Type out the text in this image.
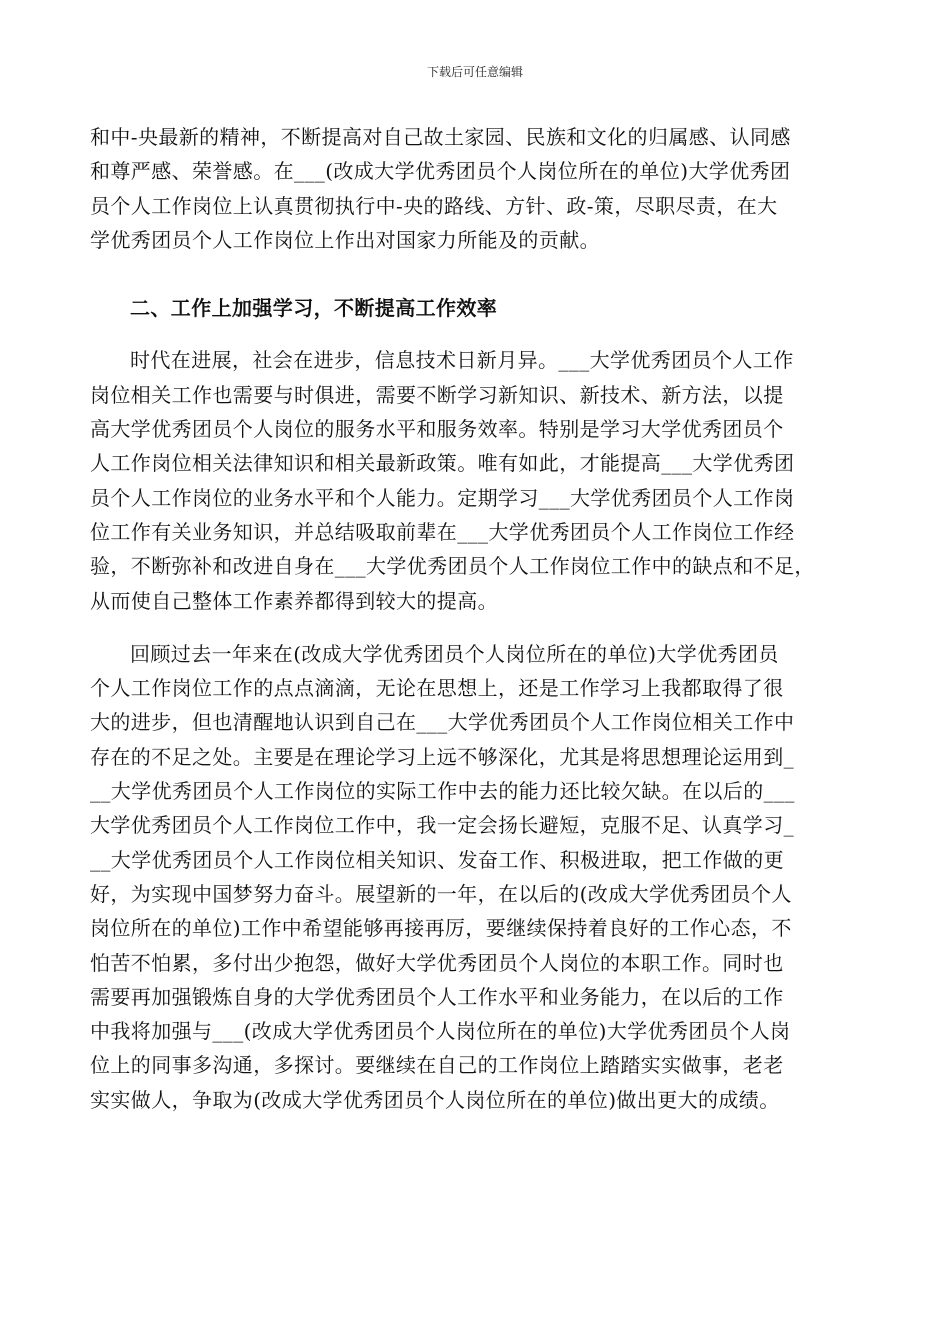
下载后可任意编辑
和中-央最新的精神，不断提高对自己故土家园、民族和文化的归属感、认同感
和尊严感、荣誉感。在___(改成大学优秀团员个人岗位所在的单位)大学优秀团
员个人工作岗位上认真贯彻执行中-央的路线、方针、政-策，尽职尽责，在大
学优秀团员个人工作岗位上作出对国家力所能及的贡献。
二、工作上加强学习，不断提高工作效率
时代在进展，社会在进步，信息技术日新月异。___大学优秀团员个人工作
岗位相关工作也需要与时俱进，需要不断学习新知识、新技术、新方法，以提
高大学优秀团员个人岗位的服务水平和服务效率。特别是学习大学优秀团员个
人工作岗位相关法律知识和相关最新政策。唯有如此，才能提高___大学优秀团
员个人工作岗位的业务水平和个人能力。定期学习___大学优秀团员个人工作岗
位工作有关业务知识，并总结吸取前辈在___大学优秀团员个人工作岗位工作经
验，不断弥补和改进自身在___大学优秀团员个人工作岗位工作中的缺点和不足，
从而使自己整体工作素养都得到较大的提高。
回顾过去一年来在(改成大学优秀团员个人岗位所在的单位)大学优秀团员
个人工作岗位工作的点点滴滴，无论在思想上，还是工作学习上我都取得了很
大的进步，但也清醒地认识到自己在___大学优秀团员个人工作岗位相关工作中
存在的不足之处。主要是在理论学习上远不够深化，尤其是将思想理论运用到_
__大学优秀团员个人工作岗位的实际工作中去的能力还比较欠缺。在以后的___
大学优秀团员个人工作岗位工作中，我一定会扬长避短，克服不足、认真学习_
__大学优秀团员个人工作岗位相关知识、发奋工作、积极进取，把工作做的更
好，为实现中国梦努力奋斗。展望新的一年，在以后的(改成大学优秀团员个人
岗位所在的单位)工作中希望能够再接再厉，要继续保持着良好的工作心态，不
怕苦不怕累，多付出少抱怨，做好大学优秀团员个人岗位的本职工作。同时也
需要再加强锻炼自身的大学优秀团员个人工作水平和业务能力，在以后的工作
中我将加强与___(改成大学优秀团员个人岗位所在的单位)大学优秀团员个人岗
位上的同事多沟通，多探讨。要继续在自己的工作岗位上踏踏实实做事，老老
实实做人，争取为(改成大学优秀团员个人岗位所在的单位)做出更大的成绩。
